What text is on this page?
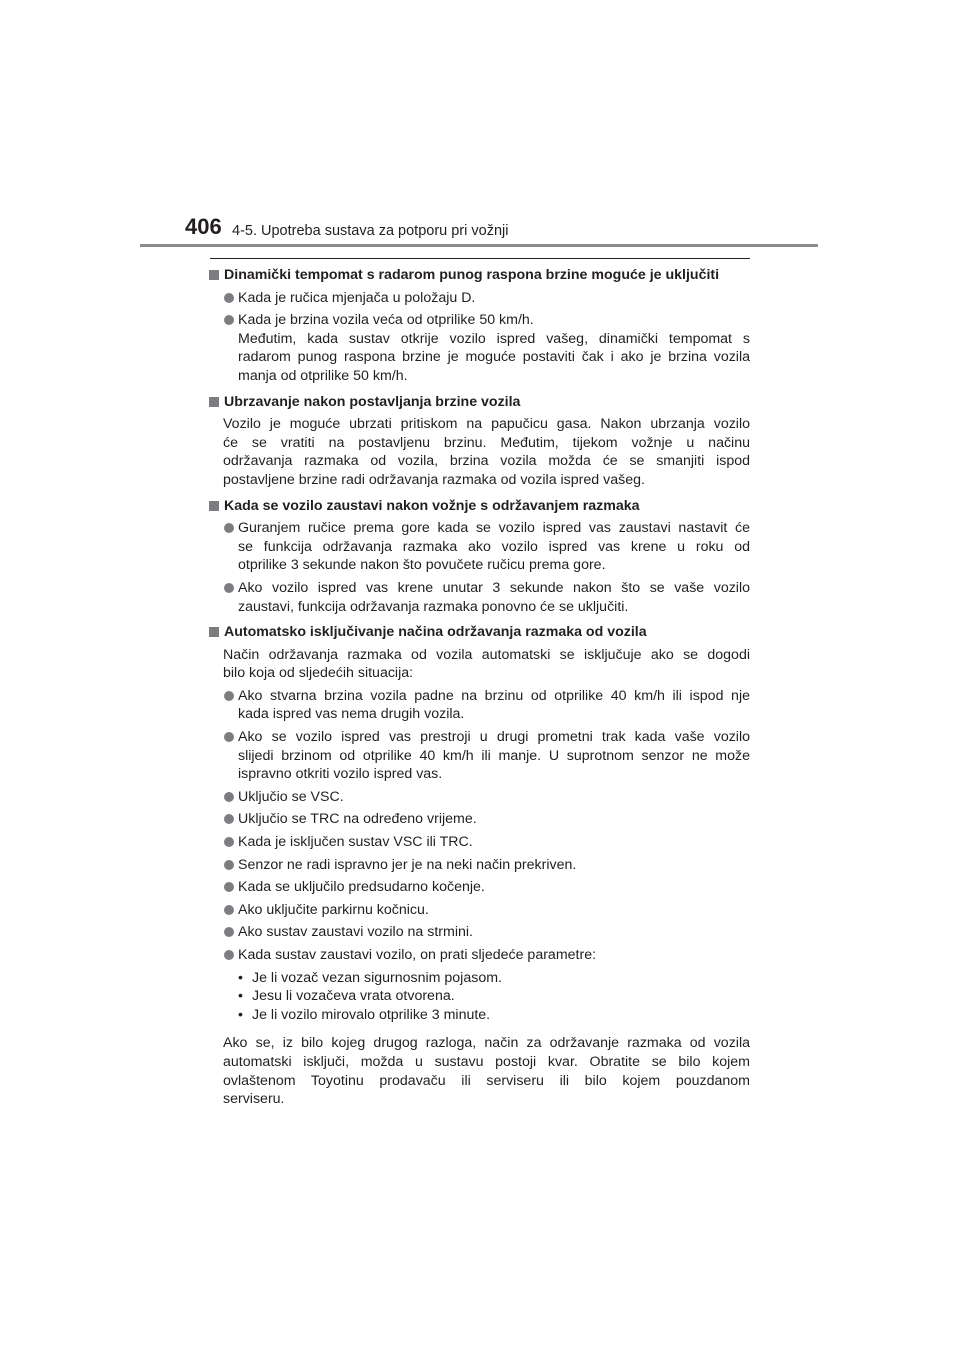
406 4-5. Upotreba sustava za potporu pri vožnji
Dinamički tempomat s radarom punog raspona brzine moguće je uključiti
Kada je ručica mjenjača u položaju D.
Kada je brzina vozila veća od otprilike 50 km/h.
Međutim, kada sustav otkrije vozilo ispred vašeg, dinamički tempomat s
radarom punog raspona brzine je moguće postaviti čak i ako je brzina vozila
manja od otprilike 50 km/h.
Ubrzavanje nakon postavljanja brzine vozila
Vozilo je moguće ubrzati pritiskom na papučicu gasa. Nakon ubrzanja vozilo
će se vratiti na postavljenu brzinu. Međutim, tijekom vožnje u načinu
održavanja razmaka od vozila, brzina vozila možda će se smanjiti ispod
postavljene brzine radi održavanja razmaka od vozila ispred vašeg.
Kada se vozilo zaustavi nakon vožnje s održavanjem razmaka
Guranjem ručice prema gore kada se vozilo ispred vas zaustavi nastavit će
se funkcija održavanja razmaka ako vozilo ispred vas krene u roku od
otprilike 3 sekunde nakon što povučete ručicu prema gore.
Ako vozilo ispred vas krene unutar 3 sekunde nakon što se vaše vozilo
zaustavi, funkcija održavanja razmaka ponovno će se uključiti.
Automatsko isključivanje načina održavanja razmaka od vozila
Način održavanja razmaka od vozila automatski se isključuje ako se dogodi
bilo koja od sljedećih situacija:
Ako stvarna brzina vozila padne na brzinu od otprilike 40 km/h ili ispod nje
kada ispred vas nema drugih vozila.
Ako se vozilo ispred vas prestroji u drugi prometni trak kada vaše vozilo
slijedi brzinom od otprilike 40 km/h ili manje. U suprotnom senzor ne može
ispravno otkriti vozilo ispred vas.
Uključio se VSC.
Uključio se TRC na određeno vrijeme.
Kada je isključen sustav VSC ili TRC.
Senzor ne radi ispravno jer je na neki način prekriven.
Kada se uključilo predsudarno kočenje.
Ako uključite parkirnu kočnicu.
Ako sustav zaustavi vozilo na strmini.
Kada sustav zaustavi vozilo, on prati sljedeće parametre:
• Je li vozač vezan sigurnosnim pojasom.
• Jesu li vozačeva vrata otvorena.
• Je li vozilo mirovalo otprilike 3 minute.
Ako se, iz bilo kojeg drugog razloga, način za održavanje razmaka od vozila
automatski isključi, možda u sustavu postoji kvar. Obratite se bilo kojem
ovlaštenom Toyotinu prodavaču ili serviseru ili bilo kojem pouzdanom
serviseru.
